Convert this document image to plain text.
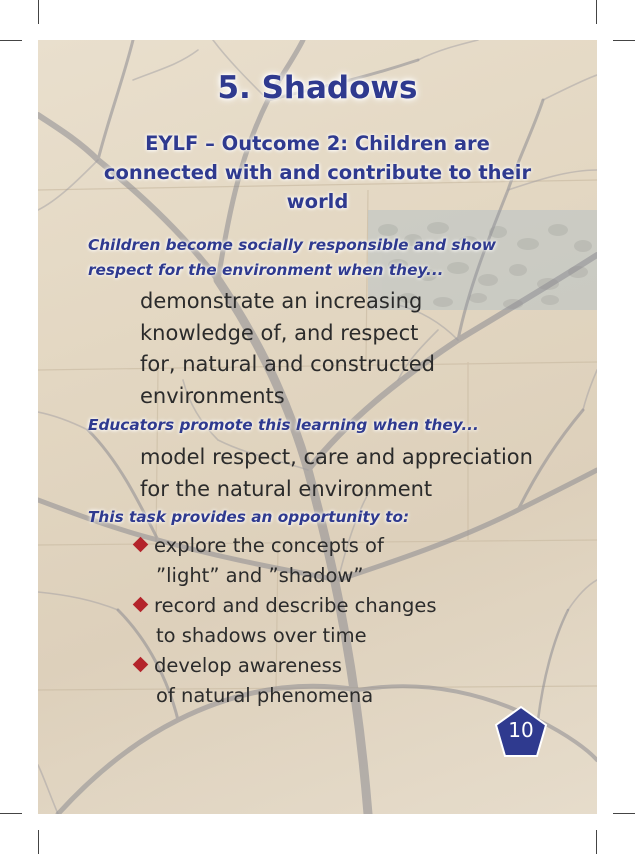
5. Shadows
EYLF – Outcome 2: Children are
connected with and contribute to their
world
Children become socially responsible and show
respect for the environment when they...
demonstrate an increasing
knowledge of, and respect
for, natural and constructed
environments
Educators promote this learning when they...
model respect, care and appreciation
for the natural environment
This task provides an opportunity to:
explore the concepts of
”light” and ”shadow”
record and describe changes
to shadows over time
develop awareness
of natural phenomena
10
